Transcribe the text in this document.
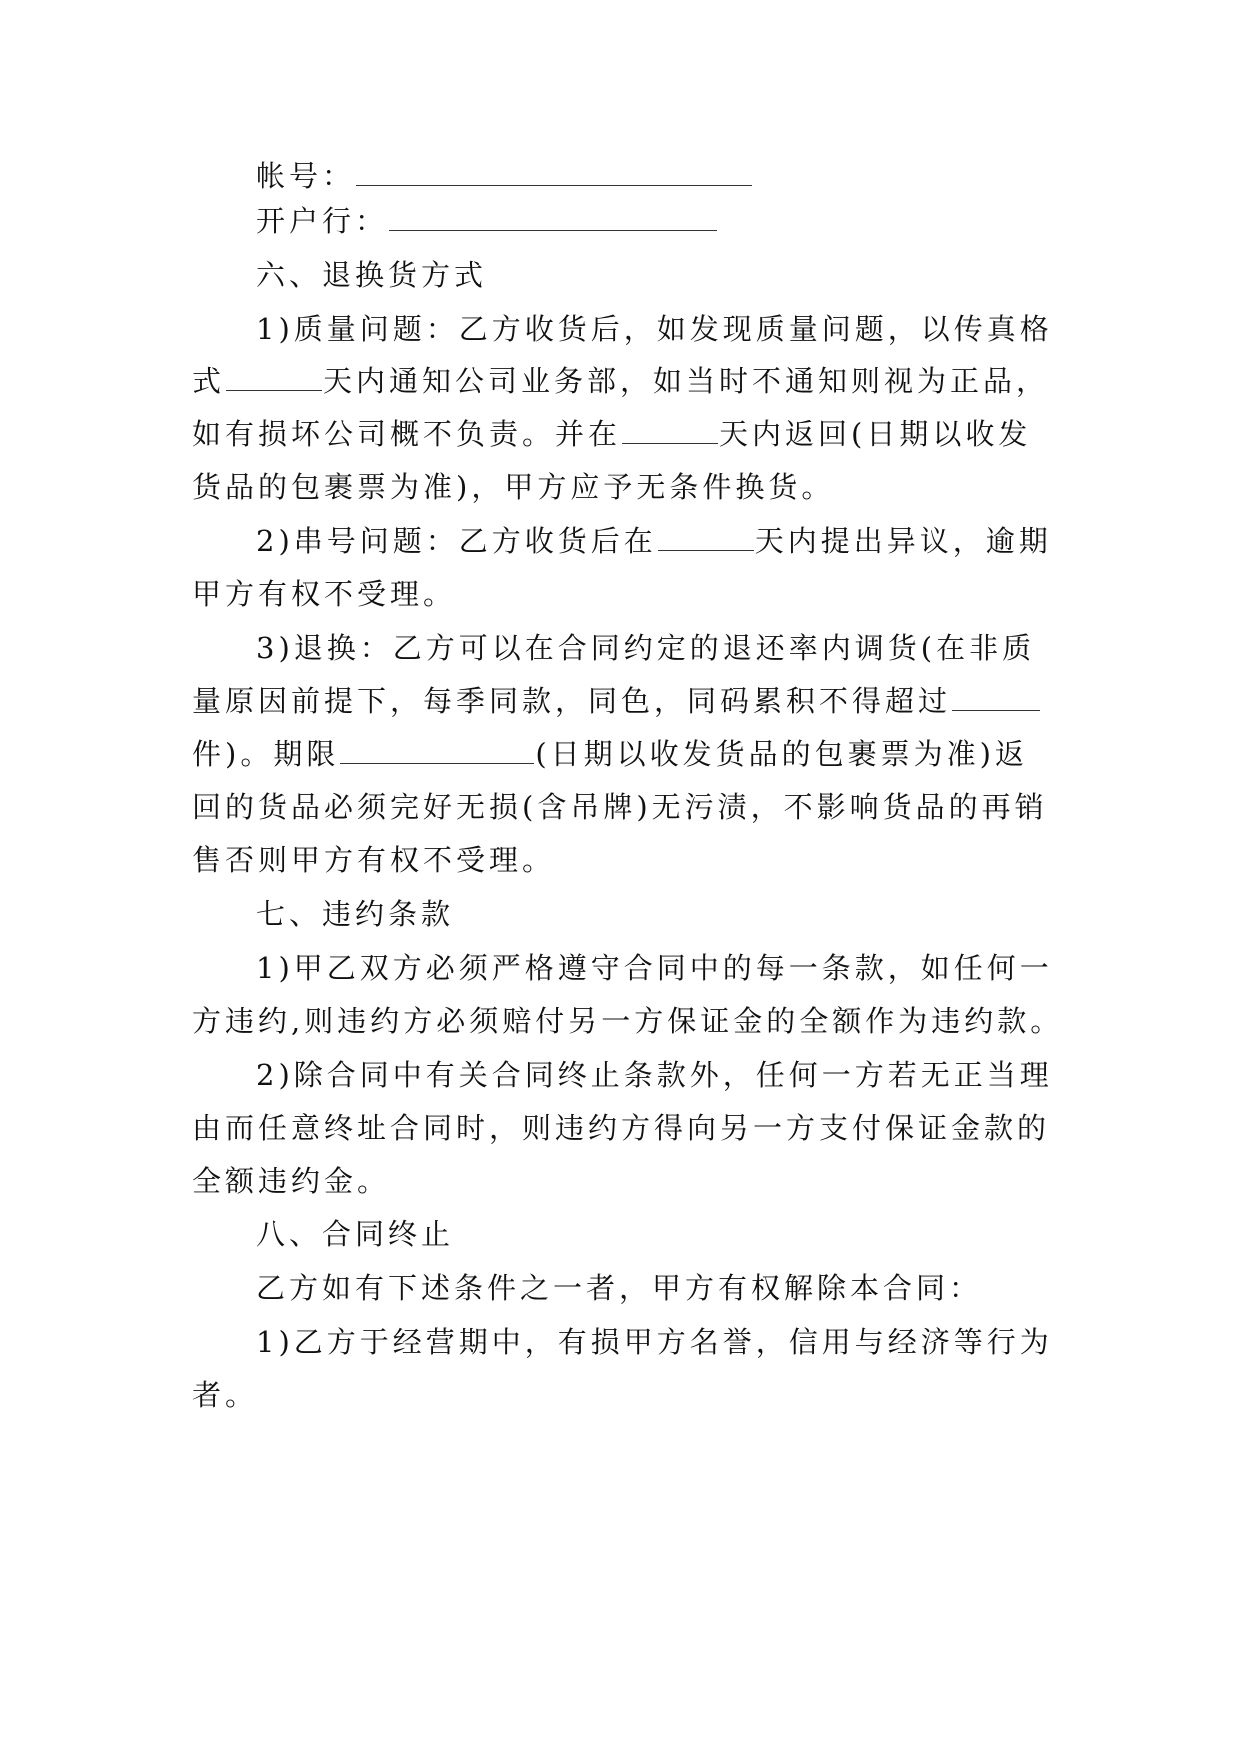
帐号：
开户行：
六、退换货方式
1)质量问题：乙方收货后，如发现质量问题，以传真格
式	天内通知公司业务部，如当时不通知则视为正品，
如有损坏公司概不负责。并在	天内返回(日期以收发
货品的包裹票为准)，甲方应予无条件换货。
2)串号问题：乙方收货后在	天内提出异议，逾期
甲方有权不受理。
3)退换：乙方可以在合同约定的退还率内调货(在非质
量原因前提下，每季同款，同色，同码累积不得超过
件)。期限	(日期以收发货品的包裹票为准)返
回的货品必须完好无损(含吊牌)无污渍，不影响货品的再销
售否则甲方有权不受理。
七、违约条款
1)甲乙双方必须严格遵守合同中的每一条款，如任何一
方违约,则违约方必须赔付另一方保证金的全额作为违约款。
2)除合同中有关合同终止条款外，任何一方若无正当理
由而任意终址合同时，则违约方得向另一方支付保证金款的
全额违约金。
八、合同终止
乙方如有下述条件之一者，甲方有权解除本合同：
1)乙方于经营期中，有损甲方名誉，信用与经济等行为
者。
